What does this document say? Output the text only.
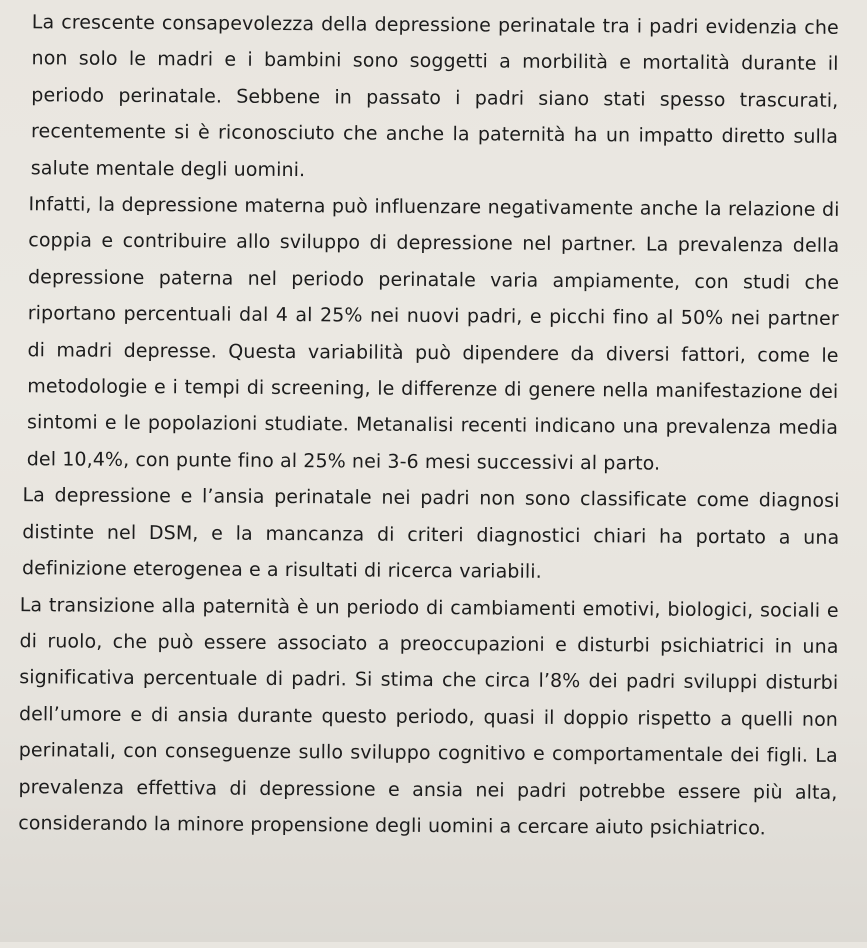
La crescente consapevolezza della depressione perinatale tra i padri evidenzia che non solo le madri e i bambini sono soggetti a morbilità e mortalità durante il periodo perinatale. Sebbene in passato i padri siano stati spesso trascurati, recentemente si è riconosciuto che anche la paternità ha un impatto diretto sulla salute mentale degli uomini.

Infatti, la depressione materna può influenzare negativamente anche la relazione di coppia e contribuire allo sviluppo di depressione nel partner. La prevalenza della depressione paterna nel periodo perinatale varia ampiamente, con studi che riportano percentuali dal 4 al 25% nei nuovi padri, e picchi fino al 50% nei partner di madri depresse. Questa variabilità può dipendere da diversi fattori, come le metodologie e i tempi di screening, le differenze di genere nella manifestazione dei sintomi e le popolazioni studiate. Metanalisi recenti indicano una prevalenza media del 10,4%, con punte fino al 25% nei 3-6 mesi successivi al parto.

La depressione e l’ansia perinatale nei padri non sono classificate come diagnosi distinte nel DSM, e la mancanza di criteri diagnostici chiari ha portato a una definizione eterogenea e a risultati di ricerca variabili.

La transizione alla paternità è un periodo di cambiamenti emotivi, biologici, sociali e di ruolo, che può essere associato a preoccupazioni e disturbi psichiatrici in una significativa percentuale di padri. Si stima che circa l’8% dei padri sviluppi disturbi dell’umore e di ansia durante questo periodo, quasi il doppio rispetto a quelli non perinatali, con conseguenze sullo sviluppo cognitivo e comportamentale dei figli. La prevalenza effettiva di depressione e ansia nei padri potrebbe essere più alta, considerando la minore propensione degli uomini a cercare aiuto psichiatrico.
